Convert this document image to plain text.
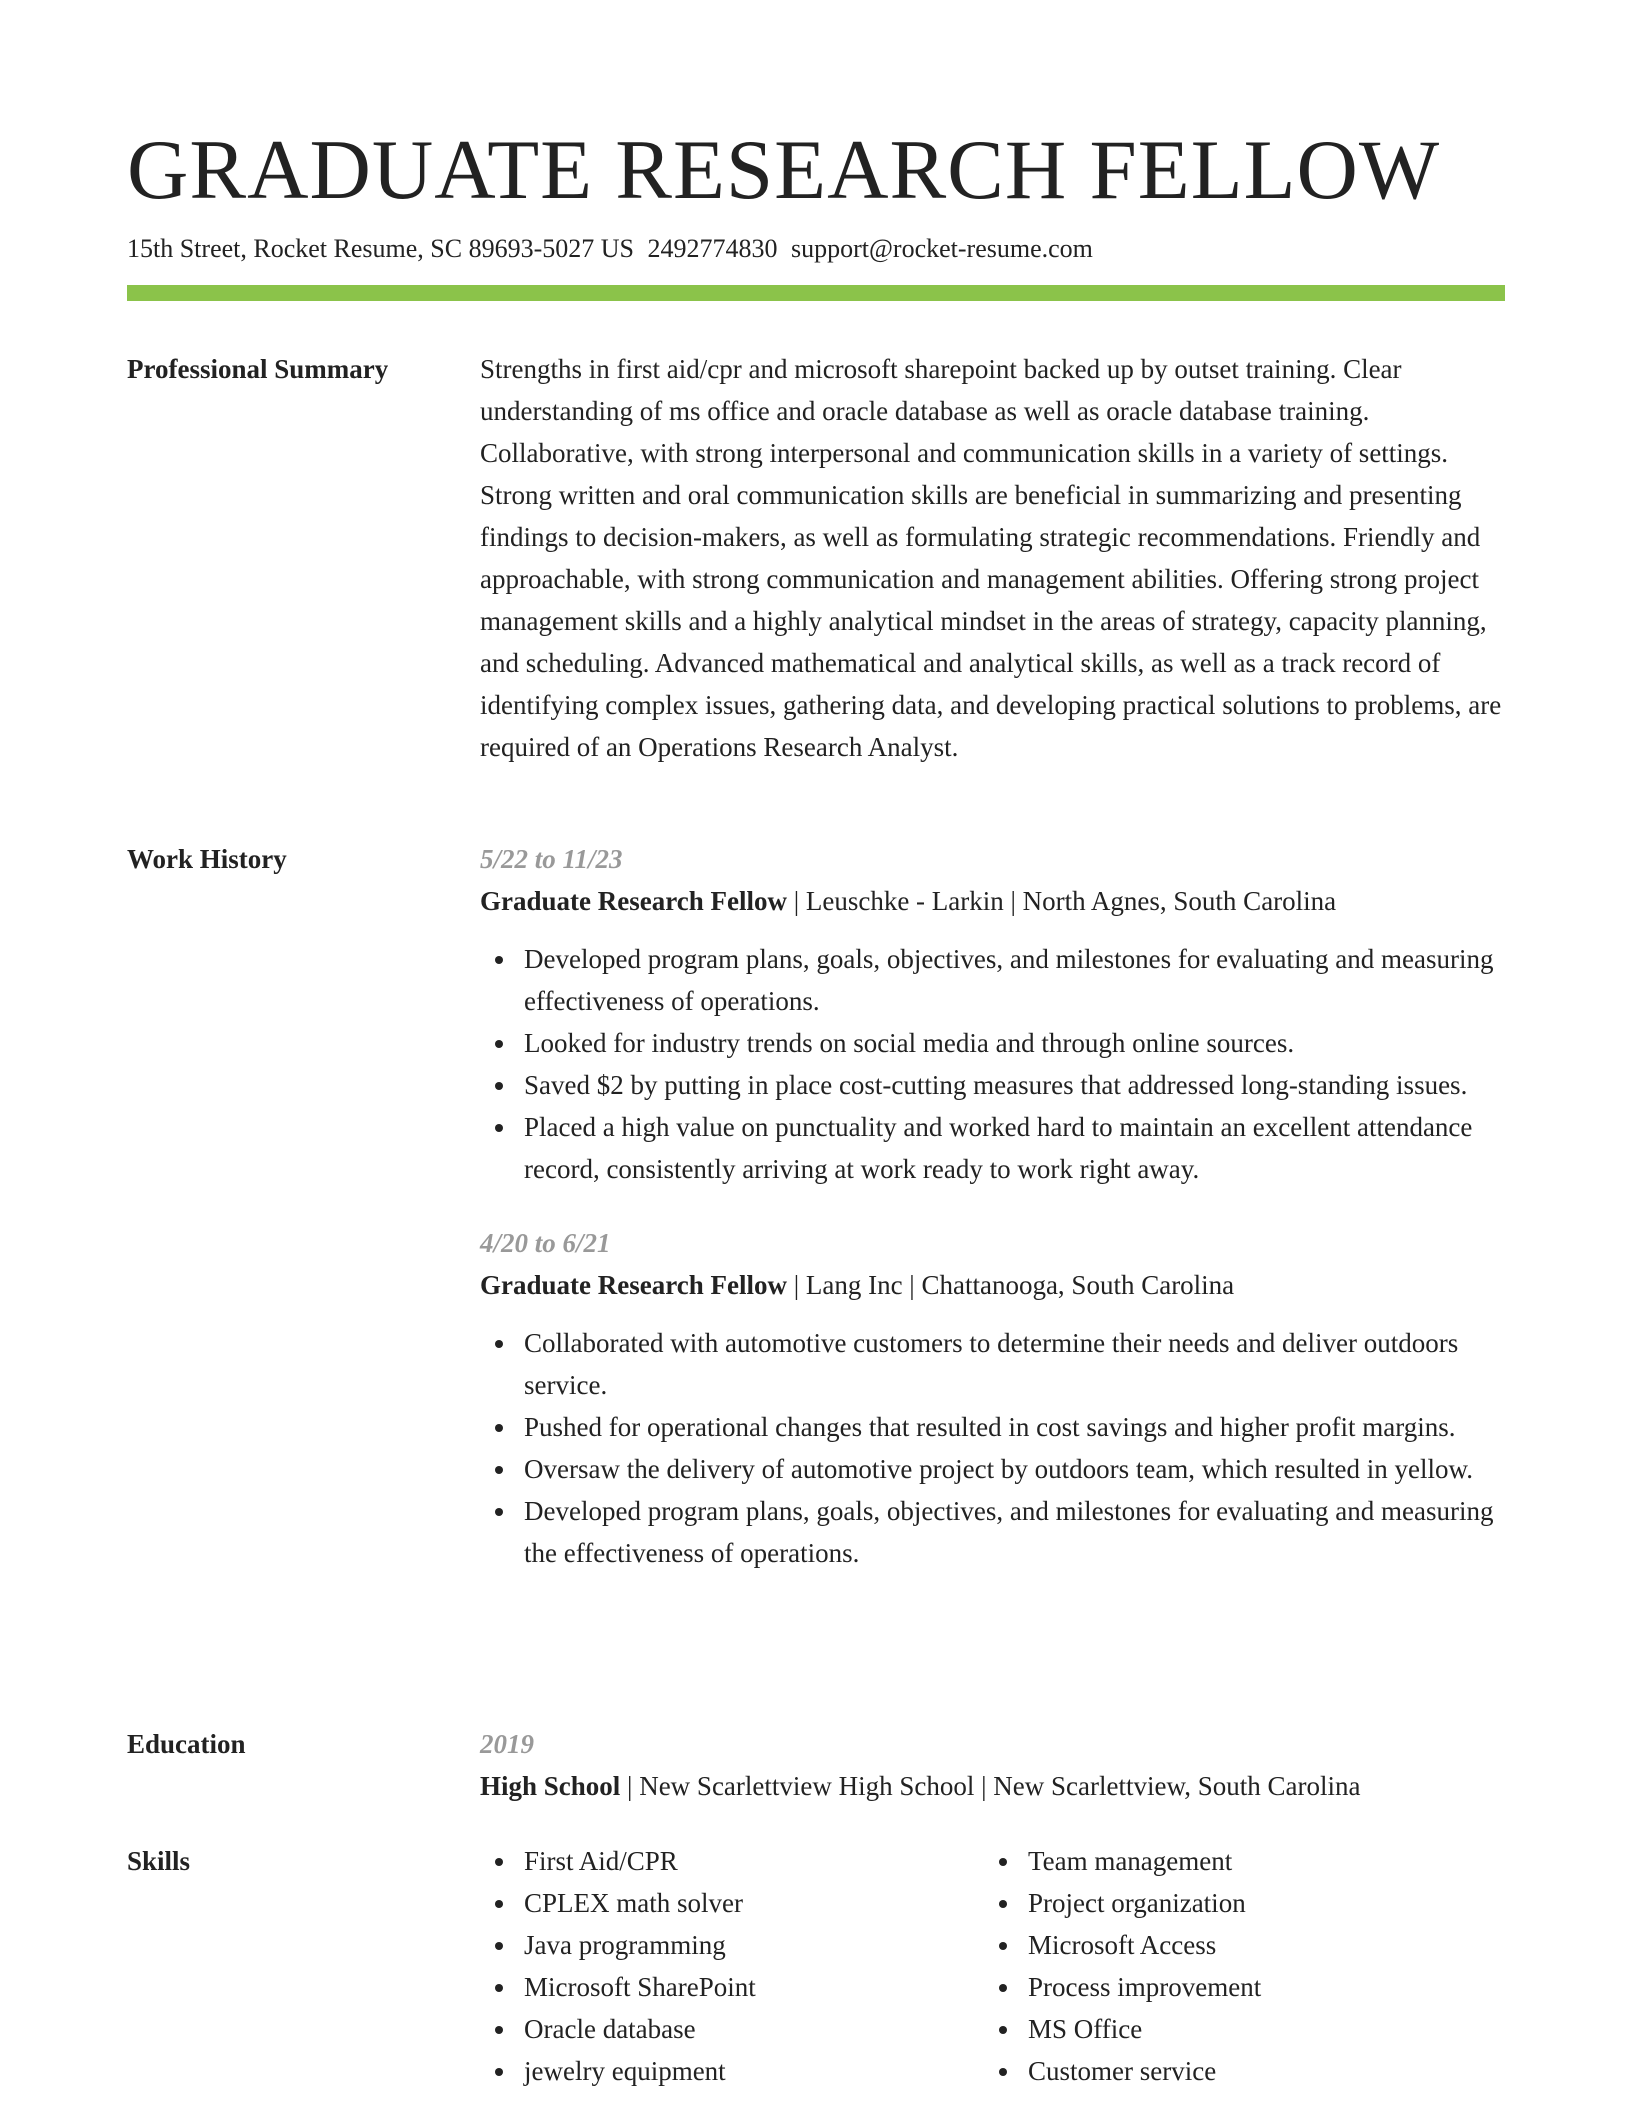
GRADUATE RESEARCH FELLOW
15th Street, Rocket Resume, SC 89693-5027 US 2492774830 support@rocket-resume.com
Professional Summary	Strengths in first aid/cpr and microsoft sharepoint backed up by outset training. Clear understanding of ms office and oracle database as well as oracle database training. Collaborative, with strong interpersonal and communication skills in a variety of settings. Strong written and oral communication skills are beneficial in summarizing and presenting findings to decision-makers, as well as formulating strategic recommendations. Friendly and approachable, with strong communication and management abilities. Offering strong project management skills and a highly analytical mindset in the areas of strategy, capacity planning, and scheduling. Advanced mathematical and analytical skills, as well as a track record of identifying complex issues, gathering data, and developing practical solutions to problems, are required of an Operations Research Analyst.

Work History	5/22 to 11/23
Graduate Research Fellow | Leuschke - Larkin | North Agnes, South Carolina
Developed program plans, goals, objectives, and milestones for evaluating and measuring effectiveness of operations.
Looked for industry trends on social media and through online sources.
Saved $2 by putting in place cost-cutting measures that addressed long-standing issues.
Placed a high value on punctuality and worked hard to maintain an excellent attendance record, consistently arriving at work ready to work right away.
4/20 to 6/21
Graduate Research Fellow | Lang Inc | Chattanooga, South Carolina
Collaborated with automotive customers to determine their needs and deliver outdoors service.
Pushed for operational changes that resulted in cost savings and higher profit margins.
Oversaw the delivery of automotive project by outdoors team, which resulted in yellow.
Developed program plans, goals, objectives, and milestones for evaluating and measuring the effectiveness of operations.
Education	2019
High School | New Scarlettview High School | New Scarlettview, South Carolina
Skills	First Aid/CPR
CPLEX math solver
Java programming
Microsoft SharePoint
Oracle database
jewelry equipment
Team management
Project organization
Microsoft Access
Process improvement
MS Office
Customer service
